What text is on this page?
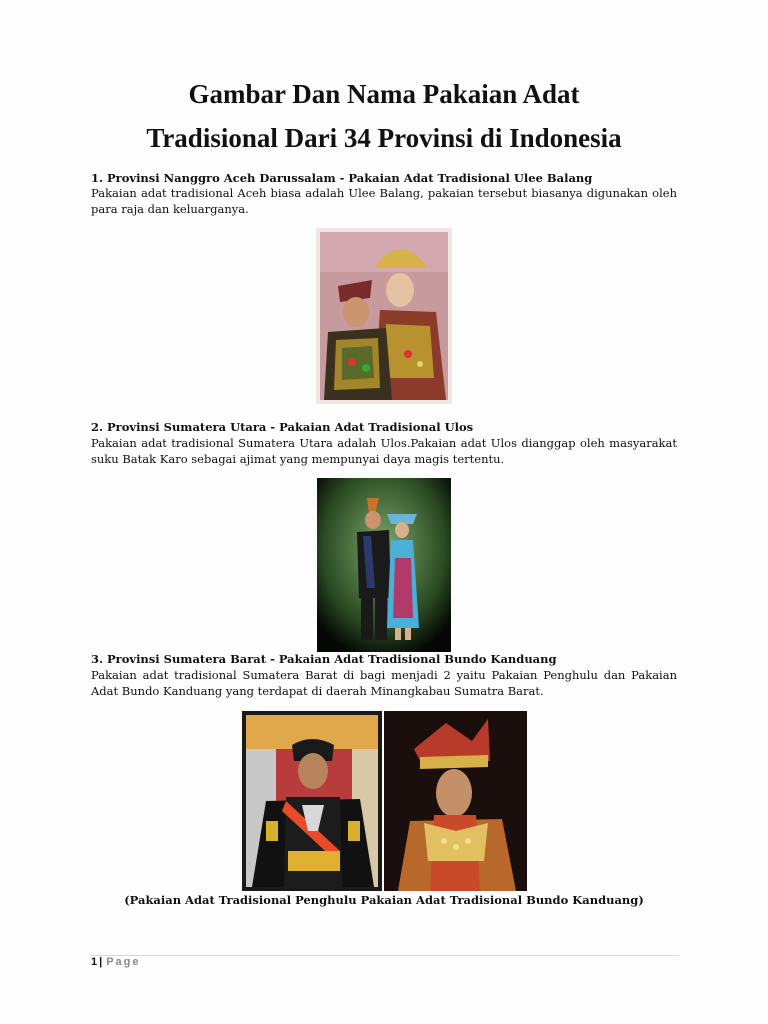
Gambar Dan Nama Pakaian Adat
Tradisional Dari 34 Provinsi di Indonesia

1. Provinsi Nanggro Aceh Darussalam - Pakaian Adat Tradisional Ulee Balang

Pakaian adat tradisional Aceh biasa adalah Ulee Balang, pakaian tersebut biasanya digunakan oleh para raja dan keluarganya.

2. Provinsi Sumatera Utara - Pakaian Adat Tradisional Ulos

Pakaian adat tradisional Sumatera Utara adalah Ulos.Pakaian adat Ulos dianggap oleh masyarakat suku Batak Karo sebagai ajimat yang mempunyai daya magis tertentu.

3. Provinsi Sumatera Barat - Pakaian Adat Tradisional Bundo Kanduang

Pakaian adat tradisional Sumatera Barat di bagi menjadi 2 yaitu Pakaian Penghulu dan Pakaian Adat Bundo Kanduang yang terdapat di daerah Minangkabau Sumatra Barat.

(Pakaian Adat Tradisional Penghulu Pakaian Adat Tradisional Bundo Kanduang)

1 | Page
